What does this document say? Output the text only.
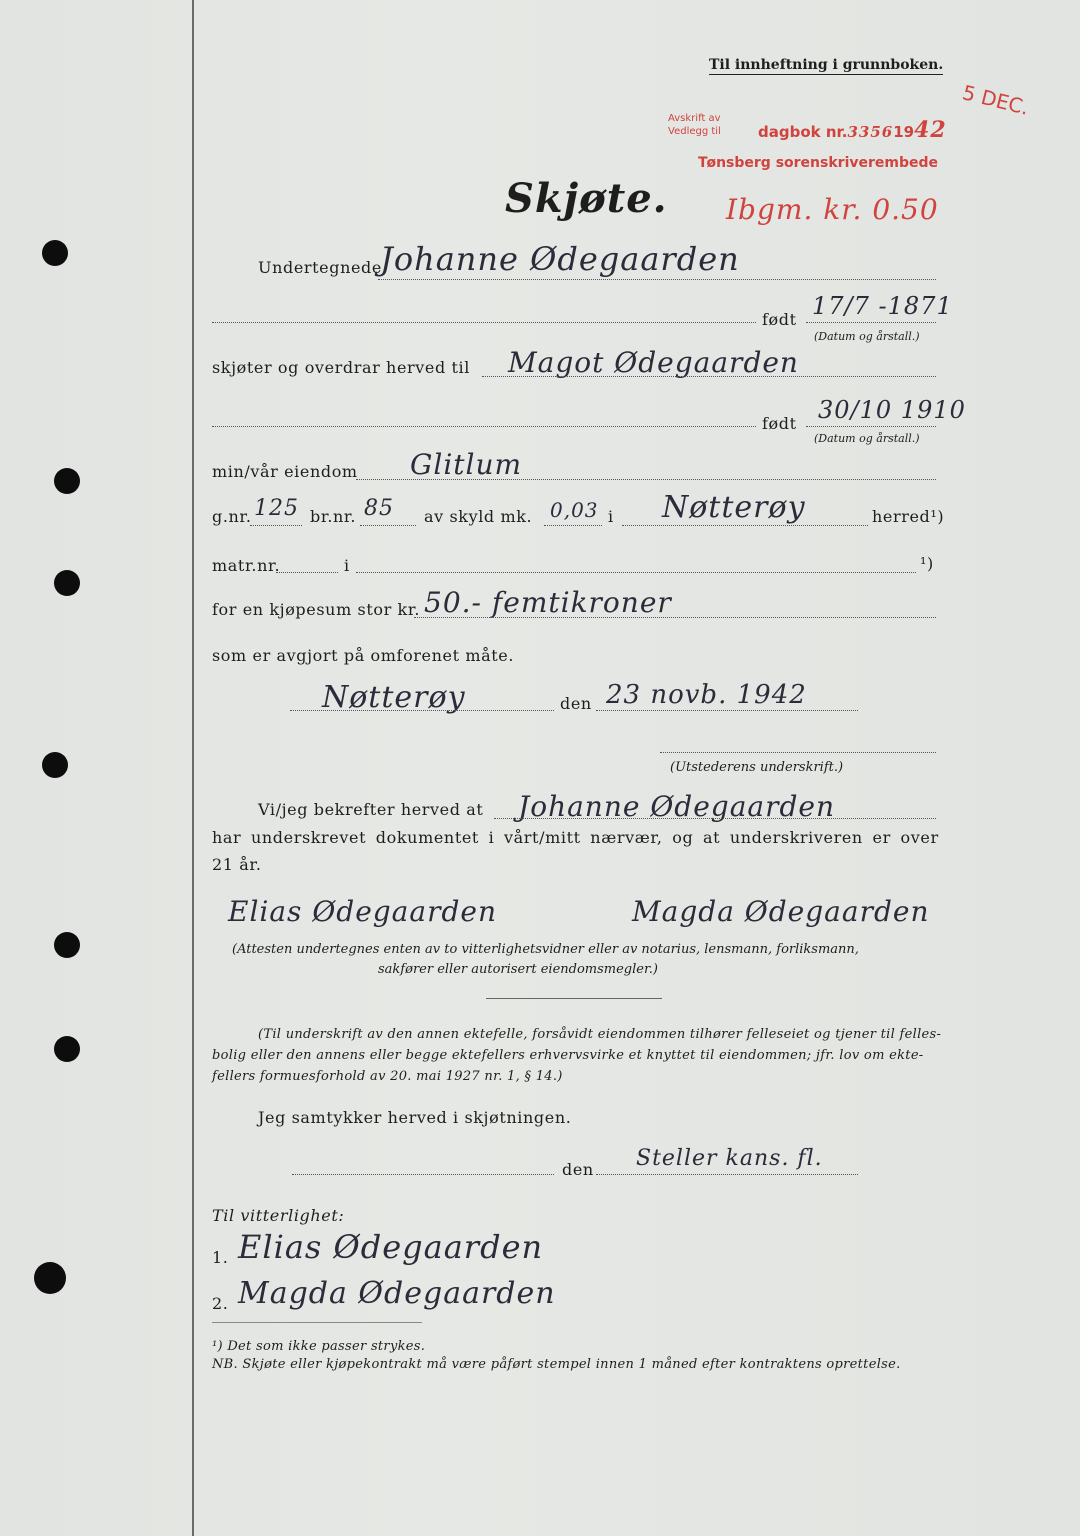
Til innheftning i grunnboken.
Avskrift av
Vedlegg til dagbok nr.33561942
Tønsberg sorenskriverembede
5 DEC.
Ibgm. kr. 0.50
Skjøte.
Undertegnede
Johanne Ødegaarden
født 17/7 -1871
(Datum og årstall.)
skjøter og overdrar herved til Magot Ødegaarden
født 30/10 1910
(Datum og årstall.)
min/vår eiendom Glitlum
g.nr. 125 br.nr. 85 av skyld mk. 0,03 i Nøtterøy	herred¹)
matr.nr.	i	¹)
for en kjøpesum stor kr. 50.- femtikroner
som er avgjort på omforenet måte.
Nøtterøy	den 23 novb. 1942
(Utstederens underskrift.)
Vi/jeg bekrefter herved at Johanne Ødegaarden
har underskrevet dokumentet i vårt/mitt nærvær, og at underskriveren er over
21 år.
Elias Ødegaarden	Magda Ødegaarden
(Attesten undertegnes enten av to vitterlighetsvidner eller av notarius, lensmann, forliksmann,
sakfører eller autorisert eiendomsmegler.)
(Til underskrift av den annen ektefelle, forsåvidt eiendommen tilhører felleseiet og tjener til felles-
bolig eller den annens eller begge ektefellers erhvervsvirke et knyttet til eiendommen; jfr. lov om ekte-
fellers formuesforhold av 20. mai 1927 nr. 1, § 14.)
Jeg samtykker herved i skjøtningen.
den Steller kans. fl.
Til vitterlighet:
1. Elias Ødegaarden
2. Magda Ødegaarden
¹) Det som ikke passer strykes.
NB. Skjøte eller kjøpekontrakt må være påført stempel innen 1 måned efter kontraktens oprettelse.
